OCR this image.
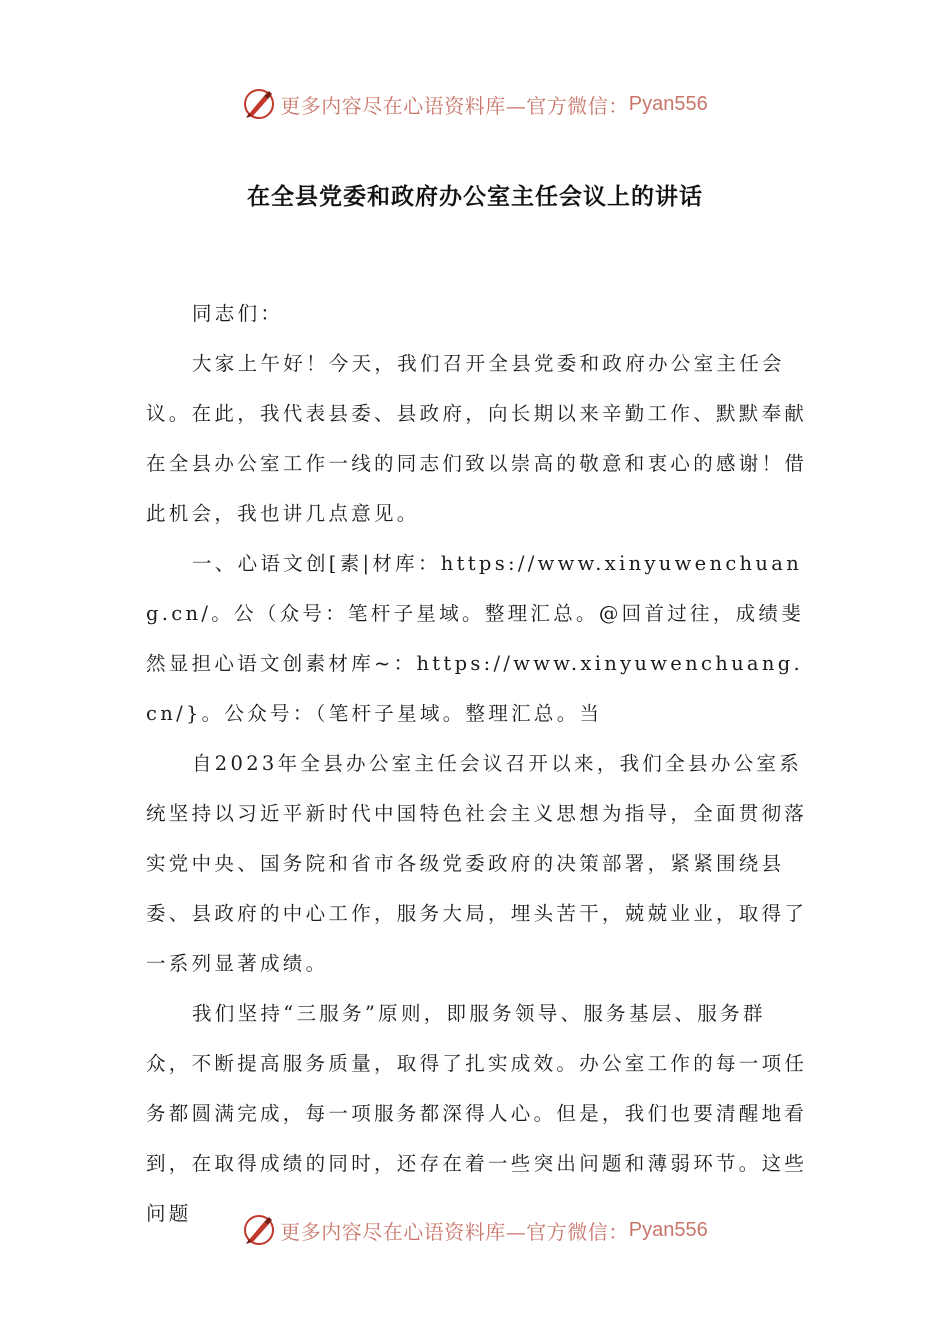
更多内容尽在心语资料库—官方微信： Pyan556
在全县党委和政府办公室主任会议上的讲话

同志们：

大家上午好！今天，我们召开全县党委和政府办公室主任会议。在此，我代表县委、县政府，向长期以来辛勤工作、默默奉献在全县办公室工作一线的同志们致以崇高的敬意和衷心的感谢！借此机会，我也讲几点意见。

一、心语文创[素|材库：https://www.xinyuwenchuang.cn/。公（众号：笔杆子星域。整理汇总。@回首过往，成绩斐然显担心语文创素材库~：https://www.xinyuwenchuang.cn/}。公众号：（笔杆子星域。整理汇总。当

自2023年全县办公室主任会议召开以来，我们全县办公室系统坚持以习近平新时代中国特色社会主义思想为指导，全面贯彻落实党中央、国务院和省市各级党委政府的决策部署，紧紧围绕县委、县政府的中心工作，服务大局，埋头苦干，兢兢业业，取得了一系列显著成绩。

我们坚持“三服务”原则，即服务领导、服务基层、服务群众，不断提高服务质量，取得了扎实成效。办公室工作的每一项任务都圆满完成，每一项服务都深得人心。但是，我们也要清醒地看到，在取得成绩的同时，还存在着一些突出问题和薄弱环节。这些问题

更多内容尽在心语资料库—官方微信： Pyan556
